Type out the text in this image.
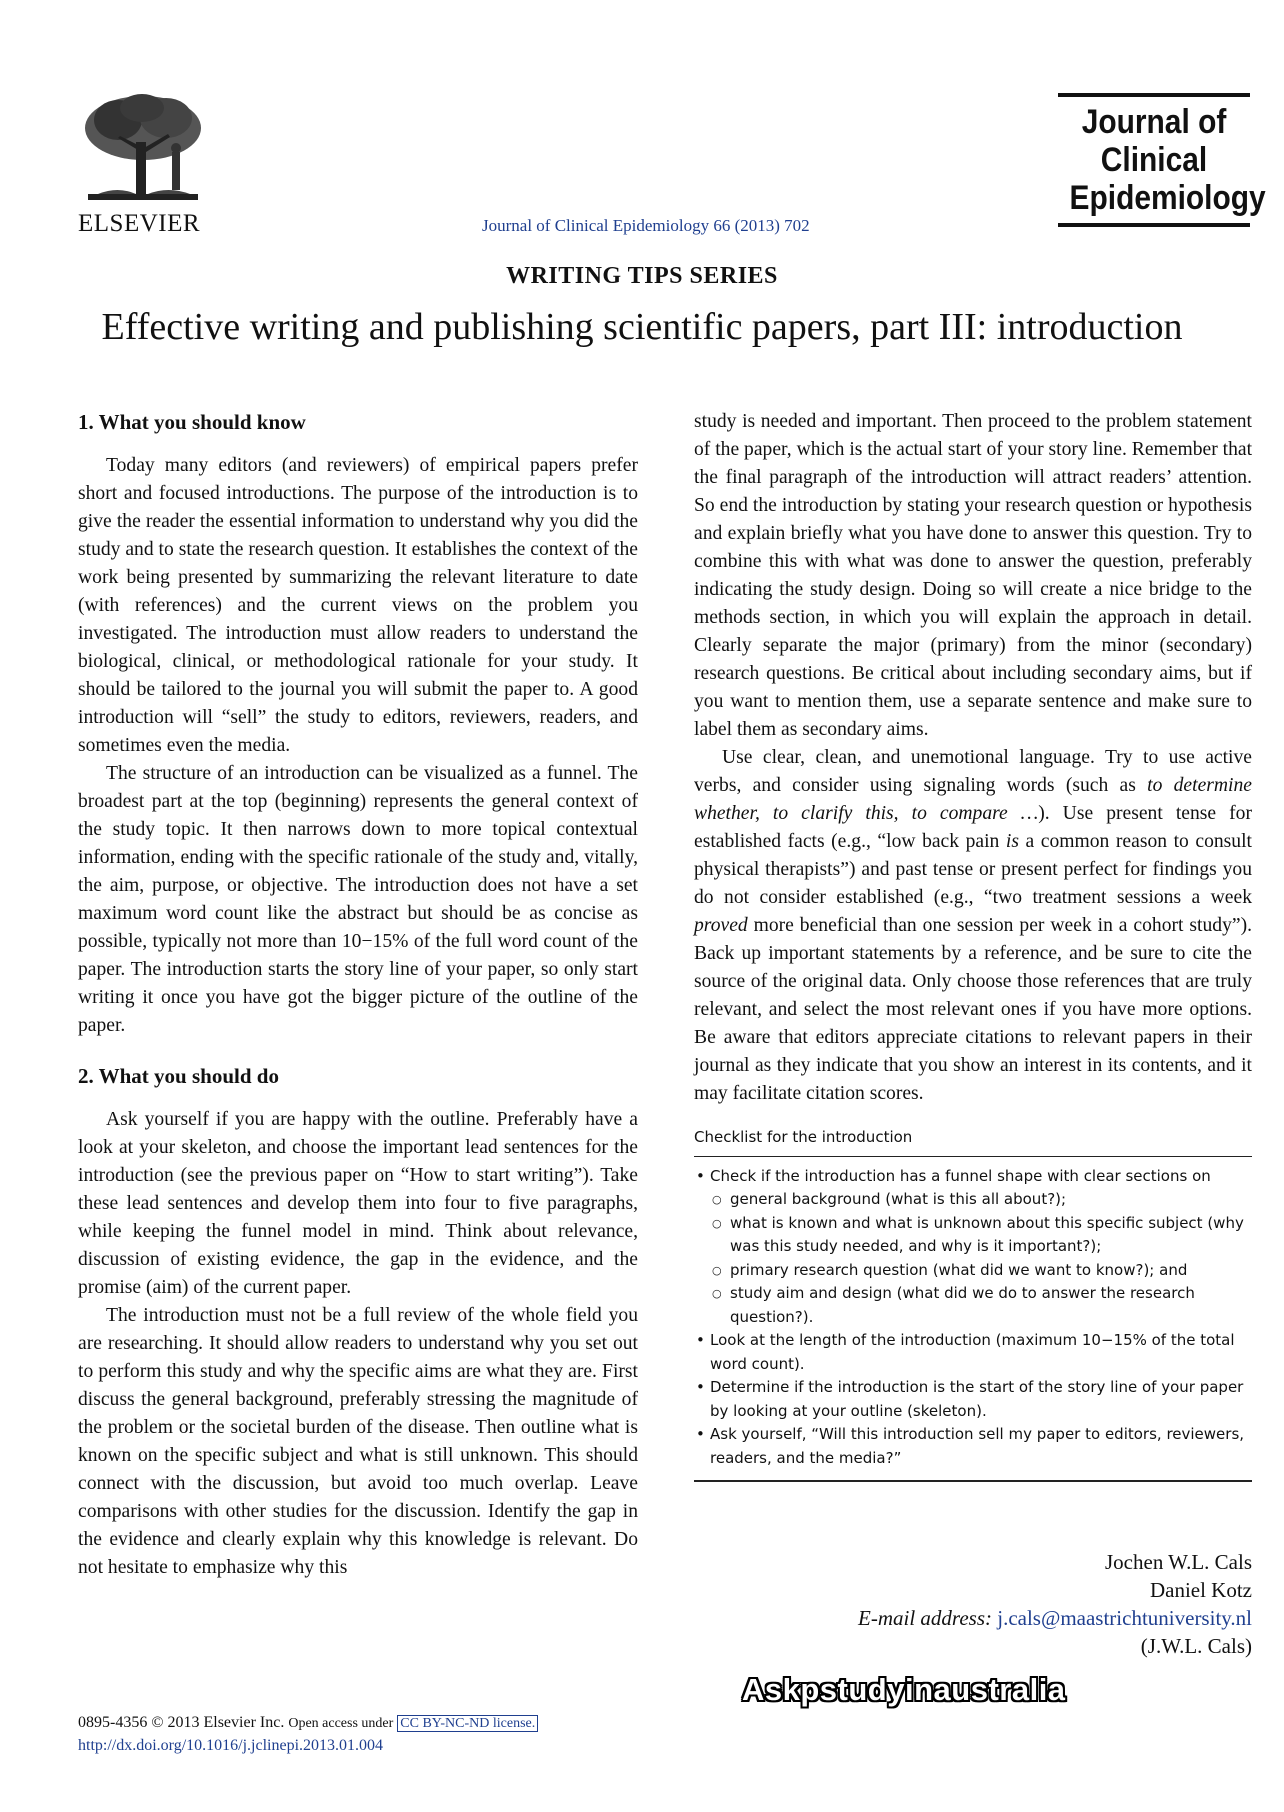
ELSEVIER	Journal of Clinical Epidemiology 66 (2013) 702
Journal of
Clinical
Epidemiology
WRITING TIPS SERIES
Effective writing and publishing scientific papers, part III: introduction
1. What you should know

Today many editors (and reviewers) of empirical papers prefer short and focused introductions. The purpose of the introduction is to give the reader the essential information to understand why you did the study and to state the research question. It establishes the context of the work being presented by summarizing the relevant literature to date (with references) and the current views on the problem you investigated. The introduction must allow readers to understand the biological, clinical, or methodological rationale for your study. It should be tailored to the journal you will submit the paper to. A good introduction will “sell” the study to editors, reviewers, readers, and sometimes even the media.

The structure of an introduction can be visualized as a funnel. The broadest part at the top (beginning) represents the general context of the study topic. It then narrows down to more topical contextual information, ending with the specific rationale of the study and, vitally, the aim, purpose, or objective. The introduction does not have a set maximum word count like the abstract but should be as concise as possible, typically not more than 10−15% of the full word count of the paper. The introduction starts the story line of your paper, so only start writing it once you have got the bigger picture of the outline of the paper.

2. What you should do

Ask yourself if you are happy with the outline. Preferably have a look at your skeleton, and choose the important lead sentences for the introduction (see the previous paper on “How to start writing”). Take these lead sentences and develop them into four to five paragraphs, while keeping the funnel model in mind. Think about relevance, discussion of existing evidence, the gap in the evidence, and the promise (aim) of the current paper.

The introduction must not be a full review of the whole field you are researching. It should allow readers to understand why you set out to perform this study and why the specific aims are what they are. First discuss the general background, preferably stressing the magnitude of the problem or the societal burden of the disease. Then outline what is known on the specific subject and what is still unknown. This should connect with the discussion, but avoid too much overlap. Leave comparisons with other studies for the discussion. Identify the gap in the evidence and clearly explain why this knowledge is relevant. Do not hesitate to emphasize why this

study is needed and important. Then proceed to the problem statement of the paper, which is the actual start of your story line. Remember that the final paragraph of the introduction will attract readers’ attention. So end the introduction by stating your research question or hypothesis and explain briefly what you have done to answer this question. Try to combine this with what was done to answer the question, preferably indicating the study design. Doing so will create a nice bridge to the methods section, in which you will explain the approach in detail. Clearly separate the major (primary) from the minor (secondary) research questions. Be critical about including secondary aims, but if you want to mention them, use a separate sentence and make sure to label them as secondary aims.

Use clear, clean, and unemotional language. Try to use active verbs, and consider using signaling words (such as to determine whether, to clarify this, to compare …). Use present tense for established facts (e.g., “low back pain is a common reason to consult physical therapists”) and past tense or present perfect for findings you do not consider established (e.g., “two treatment sessions a week proved more beneficial than one session per week in a cohort study”). Back up important statements by a reference, and be sure to cite the source of the original data. Only choose those references that are truly relevant, and select the most relevant ones if you have more options. Be aware that editors appreciate citations to relevant papers in their journal as they indicate that you show an interest in its contents, and it may facilitate citation scores.

Checklist for the introduction
• Check if the introduction has a funnel shape with clear sections on
○ general background (what is this all about?);
○ what is known and what is unknown about this specific subject (why was this study needed, and why is it important?);
○ primary research question (what did we want to know?); and
○ study aim and design (what did we do to answer the research question?).
• Look at the length of the introduction (maximum 10−15% of the total word count).
• Determine if the introduction is the start of the story line of your paper by looking at your outline (skeleton).
• Ask yourself, “Will this introduction sell my paper to editors, reviewers, readers, and the media?”
Jochen W.L. Cals
Daniel Kotz
E-mail address: j.cals@maastrichtuniversity.nl
(J.W.L. Cals)
0895-4356 © 2013 Elsevier Inc. Open access under CC BY-NC-ND license.
http://dx.doi.org/10.1016/j.jclinepi.2013.01.004
Askpstudyinaustralia
